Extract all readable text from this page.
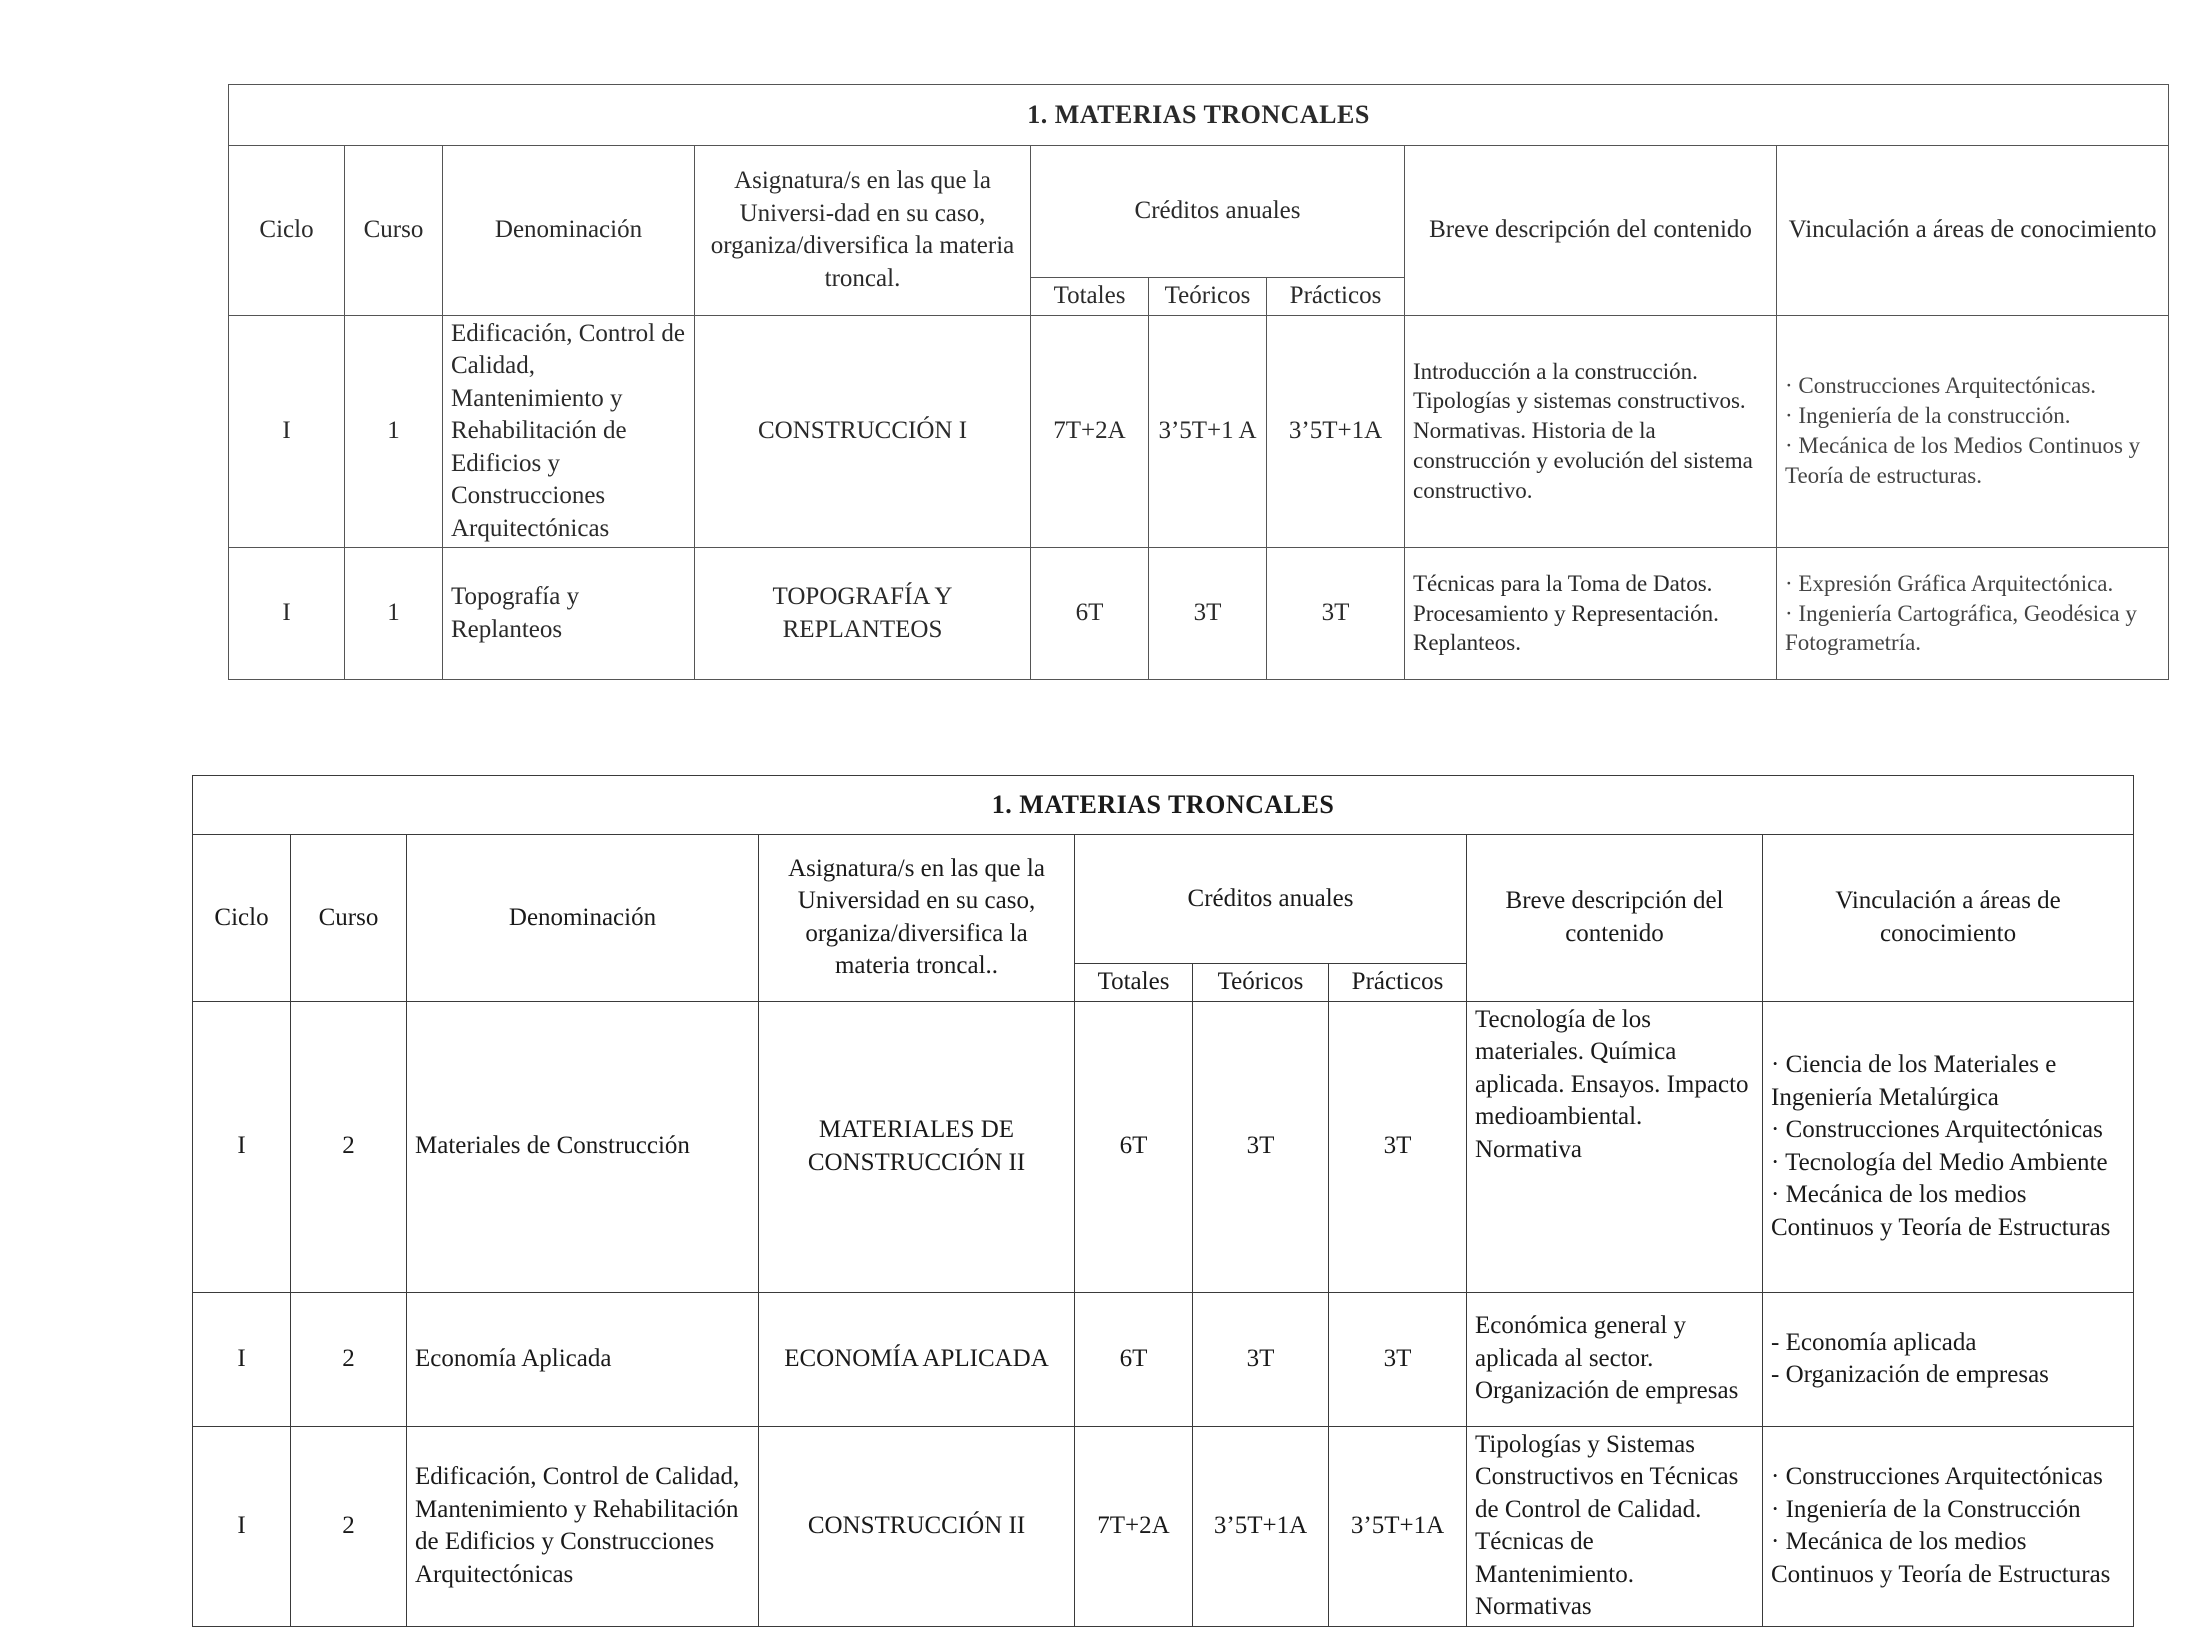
1. MATERIAS TRONCALES								
Ciclo	Curso	Denominación	Asignatura/s en las que la Universi-dad en su caso, organiza/diversifica la materia troncal.	Créditos anuales			Breve descripción del contenido	Vinculación a áreas de conocimiento
				Totales	Teóricos	Prácticos		
I	1	Edificación, Control de Calidad, Mantenimiento y Rehabilitación de Edificios y Construcciones Arquitectónicas	CONSTRUCCIÓN I	7T+2A	3’5T+1 A	3’5T+1A	Introducción a la construcción. Tipologías y sistemas constructivos. Normativas. Historia de la construcción y evolución del sistema constructivo.	· Construcciones Arquitectónicas.
· Ingeniería de la construcción.
· Mecánica de los Medios Continuos y Teoría de estructuras.
I	1	Topografía y Replanteos	TOPOGRAFÍA Y REPLANTEOS	6T	3T	3T	Técnicas para la Toma de Datos. Procesamiento y Representación. Replanteos.	· Expresión Gráfica Arquitectónica.
· Ingeniería Cartográfica, Geodésica y Fotogrametría.
1. MATERIAS TRONCALES								
Ciclo	Curso	Denominación	Asignatura/s en las que la Universidad en su caso, organiza/diversifica la materia troncal..	Créditos anuales			Breve descripción del contenido	Vinculación a áreas de conocimiento
				Totales	Teóricos	Prácticos		
I	2	Materiales de Construcción	MATERIALES DE CONSTRUCCIÓN II	6T	3T	3T	Tecnología de los materiales. Química aplicada. Ensayos. Impacto medioambiental. Normativa	· Ciencia de los Materiales e Ingeniería Metalúrgica
· Construcciones Arquitectónicas
· Tecnología del Medio Ambiente
· Mecánica de los medios Continuos y Teoría de Estructuras
I	2	Economía Aplicada	ECONOMÍA APLICADA	6T	3T	3T	Económica general y aplicada al sector. Organización de empresas	- Economía aplicada
- Organización de empresas
I	2	Edificación, Control de Calidad, Mantenimiento y Rehabilitación de Edificios y Construcciones Arquitectónicas	CONSTRUCCIÓN II	7T+2A	3’5T+1A	3’5T+1A	Tipologías y Sistemas Constructivos en Técnicas de Control de Calidad. Técnicas de Mantenimiento. Normativas	· Construcciones Arquitectónicas
· Ingeniería de la Construcción
· Mecánica de los medios Continuos y Teoría de Estructuras
